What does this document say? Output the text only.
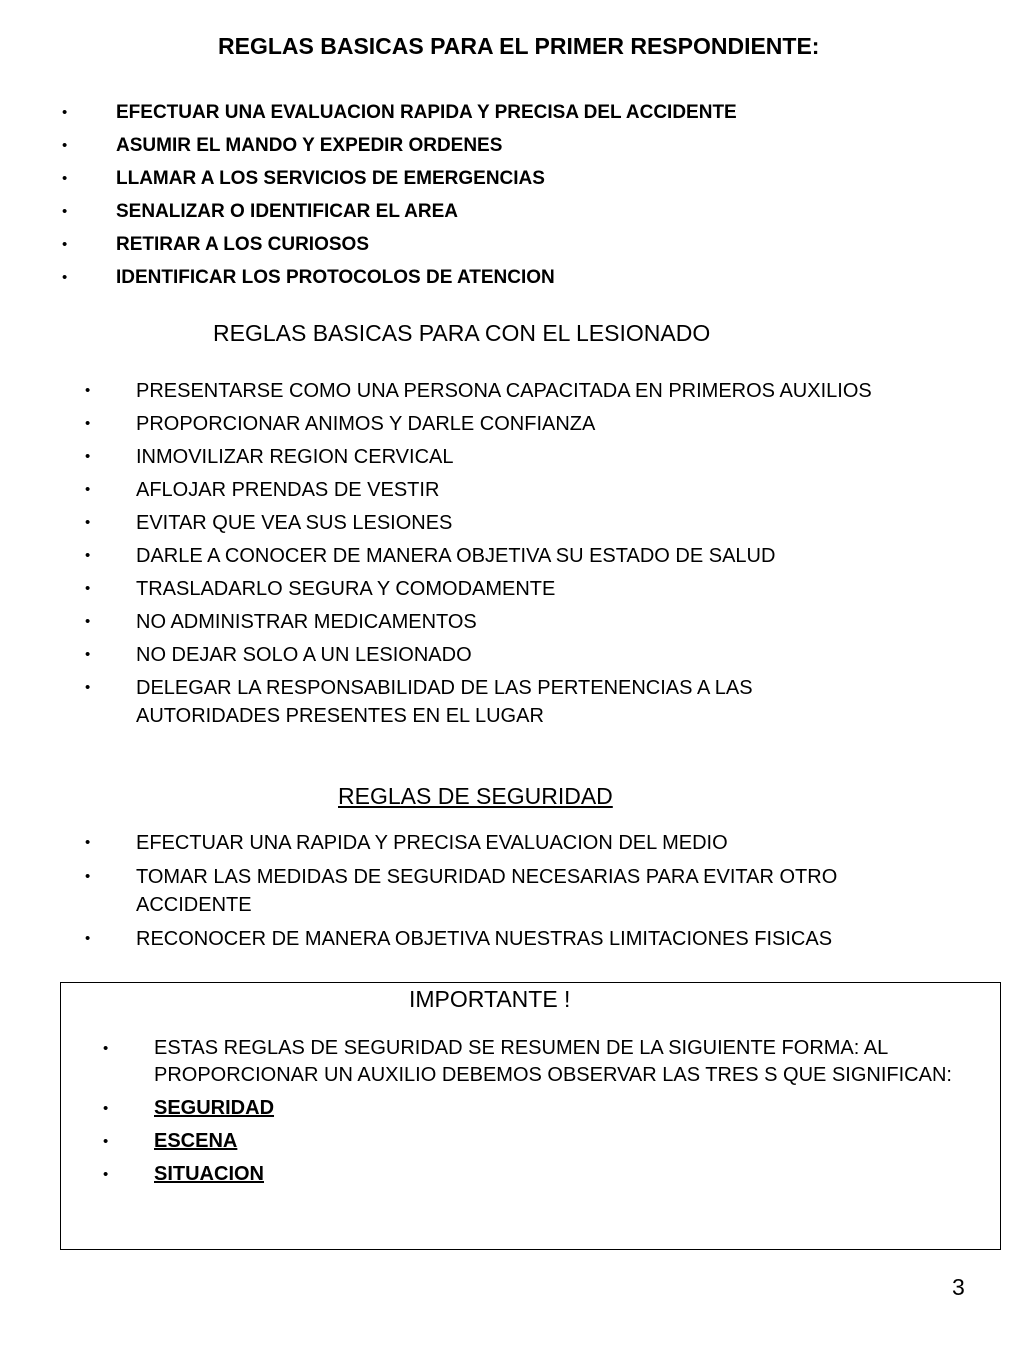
REGLAS BASICAS PARA EL PRIMER RESPONDIENTE:
•	EFECTUAR UNA EVALUACION RAPIDA Y PRECISA DEL ACCIDENTE
•	ASUMIR EL MANDO Y EXPEDIR ORDENES
•	LLAMAR A LOS SERVICIOS DE EMERGENCIAS
•	SENALIZAR O IDENTIFICAR EL AREA
•	RETIRAR A LOS CURIOSOS
•	IDENTIFICAR LOS PROTOCOLOS DE ATENCION
REGLAS BASICAS PARA CON EL LESIONADO
• PRESENTARSE COMO UNA PERSONA CAPACITADA EN PRIMEROS AUXILIOS
• PROPORCIONAR ANIMOS Y DARLE CONFIANZA
• INMOVILIZAR REGION CERVICAL
• AFLOJAR PRENDAS DE VESTIR
• EVITAR QUE VEA SUS LESIONES
• DARLE A CONOCER DE MANERA OBJETIVA SU ESTADO DE SALUD
• TRASLADARLO SEGURA Y COMODAMENTE
• NO ADMINISTRAR MEDICAMENTOS
• NO DEJAR SOLO A UN LESIONADO
• DELEGAR LA RESPONSABILIDAD DE LAS PERTENENCIAS A LAS AUTORIDADES PRESENTES EN EL LUGAR
REGLAS DE SEGURIDAD
• EFECTUAR UNA RAPIDA Y PRECISA EVALUACION DEL MEDIO
• TOMAR LAS MEDIDAS DE SEGURIDAD NECESARIAS PARA EVITAR OTRO ACCIDENTE
• RECONOCER DE MANERA OBJETIVA NUESTRAS LIMITACIONES FISICAS
IMPORTANTE !
• ESTAS REGLAS DE SEGURIDAD SE RESUMEN DE LA SIGUIENTE FORMA: AL PROPORCIONAR UN AUXILIO DEBEMOS OBSERVAR LAS TRES S QUE SIGNIFICAN:
• SEGURIDAD
• ESCENA
• SITUACION
3
